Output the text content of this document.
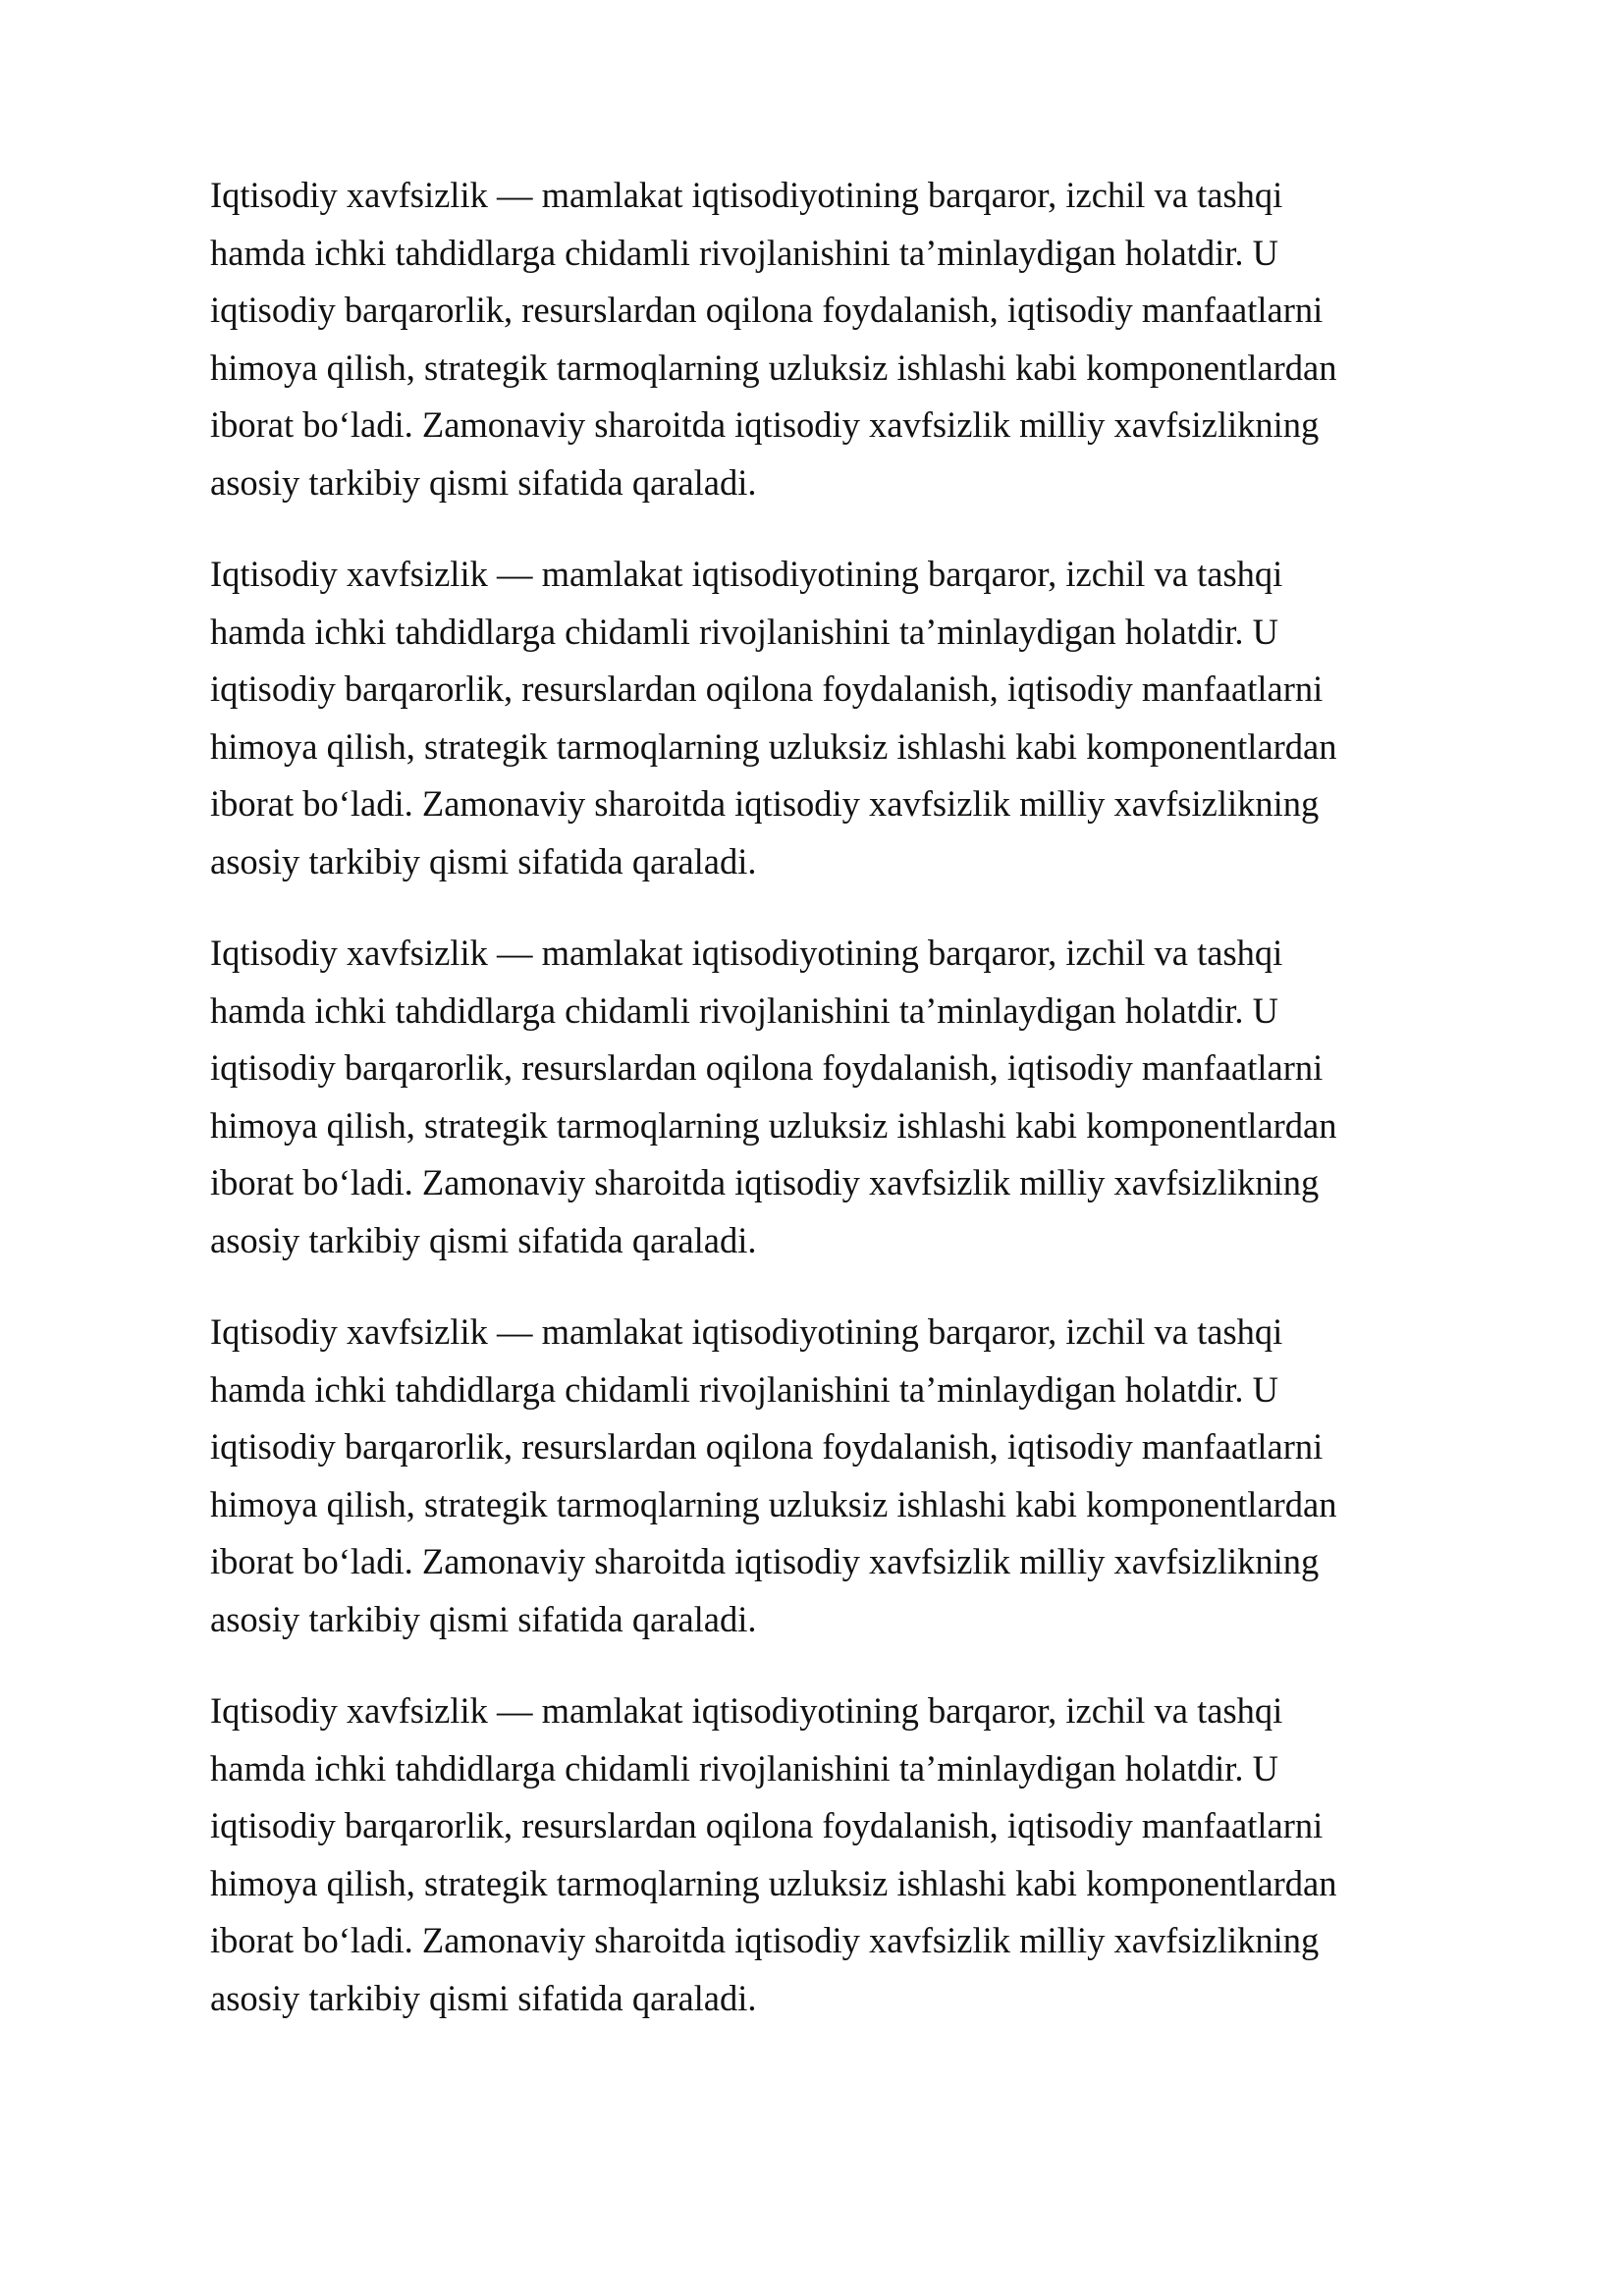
Iqtisodiy xavfsizlik — mamlakat iqtisodiyotining barqaror, izchil va tashqi
hamda ichki tahdidlarga chidamli rivojlanishini ta’minlaydigan holatdir. U
iqtisodiy barqarorlik, resurslardan oqilona foydalanish, iqtisodiy manfaatlarni
himoya qilish, strategik tarmoqlarning uzluksiz ishlashi kabi komponentlardan
iborat bo‘ladi. Zamonaviy sharoitda iqtisodiy xavfsizlik milliy xavfsizlikning
asosiy tarkibiy qismi sifatida qaraladi.

Iqtisodiy xavfsizlik — mamlakat iqtisodiyotining barqaror, izchil va tashqi
hamda ichki tahdidlarga chidamli rivojlanishini ta’minlaydigan holatdir. U
iqtisodiy barqarorlik, resurslardan oqilona foydalanish, iqtisodiy manfaatlarni
himoya qilish, strategik tarmoqlarning uzluksiz ishlashi kabi komponentlardan
iborat bo‘ladi. Zamonaviy sharoitda iqtisodiy xavfsizlik milliy xavfsizlikning
asosiy tarkibiy qismi sifatida qaraladi.

Iqtisodiy xavfsizlik — mamlakat iqtisodiyotining barqaror, izchil va tashqi
hamda ichki tahdidlarga chidamli rivojlanishini ta’minlaydigan holatdir. U
iqtisodiy barqarorlik, resurslardan oqilona foydalanish, iqtisodiy manfaatlarni
himoya qilish, strategik tarmoqlarning uzluksiz ishlashi kabi komponentlardan
iborat bo‘ladi. Zamonaviy sharoitda iqtisodiy xavfsizlik milliy xavfsizlikning
asosiy tarkibiy qismi sifatida qaraladi.

Iqtisodiy xavfsizlik — mamlakat iqtisodiyotining barqaror, izchil va tashqi
hamda ichki tahdidlarga chidamli rivojlanishini ta’minlaydigan holatdir. U
iqtisodiy barqarorlik, resurslardan oqilona foydalanish, iqtisodiy manfaatlarni
himoya qilish, strategik tarmoqlarning uzluksiz ishlashi kabi komponentlardan
iborat bo‘ladi. Zamonaviy sharoitda iqtisodiy xavfsizlik milliy xavfsizlikning
asosiy tarkibiy qismi sifatida qaraladi.

Iqtisodiy xavfsizlik — mamlakat iqtisodiyotining barqaror, izchil va tashqi
hamda ichki tahdidlarga chidamli rivojlanishini ta’minlaydigan holatdir. U
iqtisodiy barqarorlik, resurslardan oqilona foydalanish, iqtisodiy manfaatlarni
himoya qilish, strategik tarmoqlarning uzluksiz ishlashi kabi komponentlardan
iborat bo‘ladi. Zamonaviy sharoitda iqtisodiy xavfsizlik milliy xavfsizlikning
asosiy tarkibiy qismi sifatida qaraladi.
